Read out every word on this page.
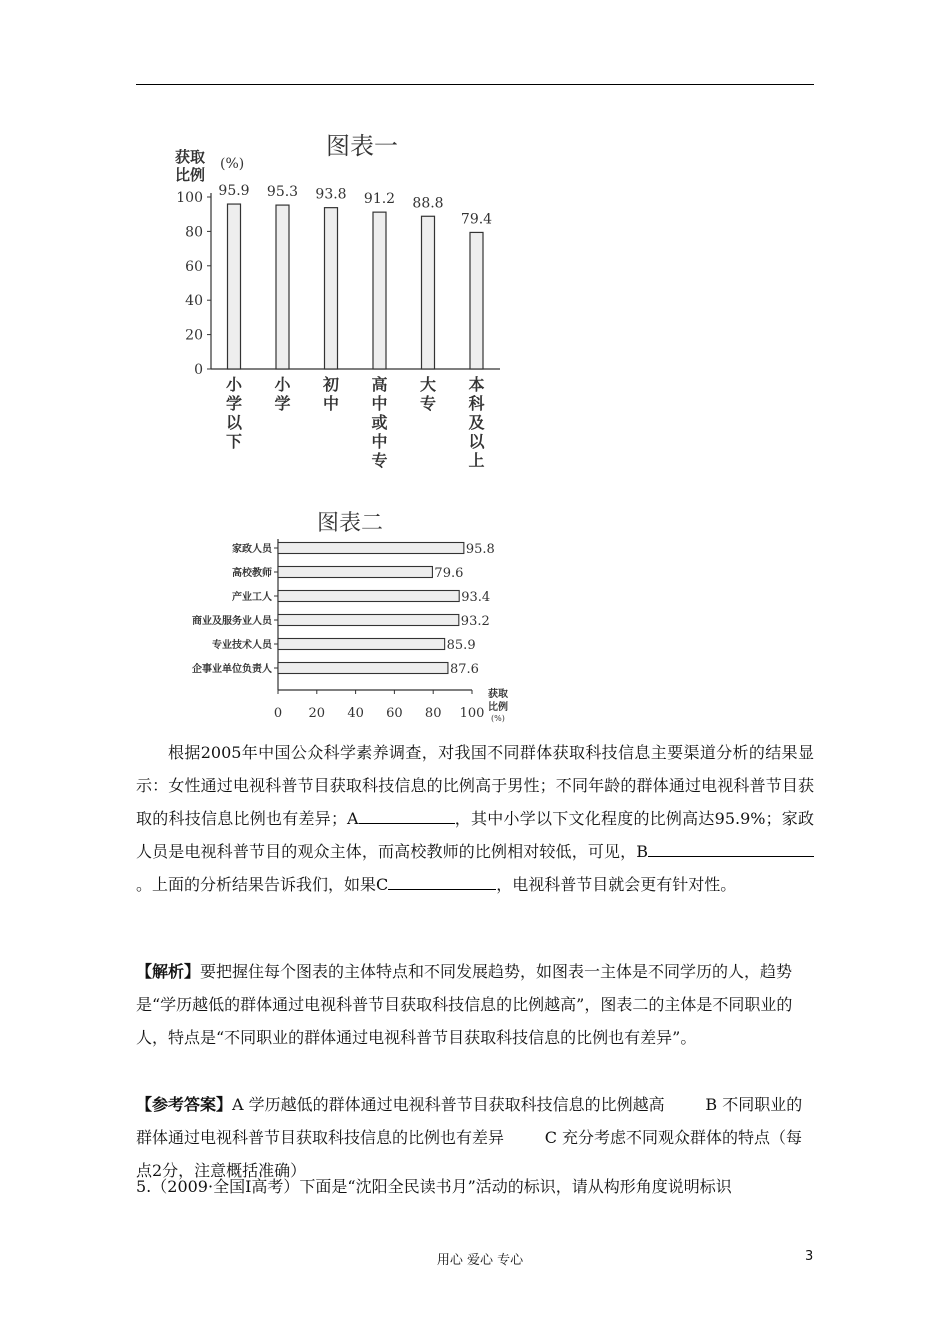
图表一
获取
比例
(%)
0
20
40
60
80
100 95.9
小
学
以
下
95.3
小
学
93.8
初
中
91.2
高
中
或
中
专
88.8
大
专
79.4
本
科
及
以
上
图表二
0 20 40 60 80 100
获取
比例
(%)
家政人员	95.8
高校教师	79.6
产业工人	93.4
商业及服务业人员	93.2
专业技术人员	85.9
企事业单位负责人	87.6
根据2005年中国公众科学素养调查，对我国不同群体获取科技信息主要渠道分析的结果显示：女性通过电视科普节目获取科技信息的比例高于男性；不同年龄的群体通过电视科普节目获取的科技信息比例也有差异；A	，其中小学以下文化程度的比例高达95.9%；家政人员是电视科普节目的观众主体，而高校教师的比例相对较低，可见，B。上面的分析结果告诉我们，如果C	，电视科普节目就会更有针对性。
【解析】要把握住每个图表的主体特点和不同发展趋势，如图表一主体是不同学历的人，趋势是“学历越低的群体通过电视科普节目获取科技信息的比例越高”，图表二的主体是不同职业的人，特点是“不同职业的群体通过电视科普节目获取科技信息的比例也有差异”。
【参考答案】A 学历越低的群体通过电视科普节目获取科技信息的比例越高	B 不同职业的群体通过电视科普节目获取科技信息的比例也有差异	C 充分考虑不同观众群体的特点（每点2分，注意概括准确）
5.（2009·全国Ⅰ高考）下面是“沈阳全民读书月”活动的标识，请从构形角度说明标识
用心 爱心 专心	3
